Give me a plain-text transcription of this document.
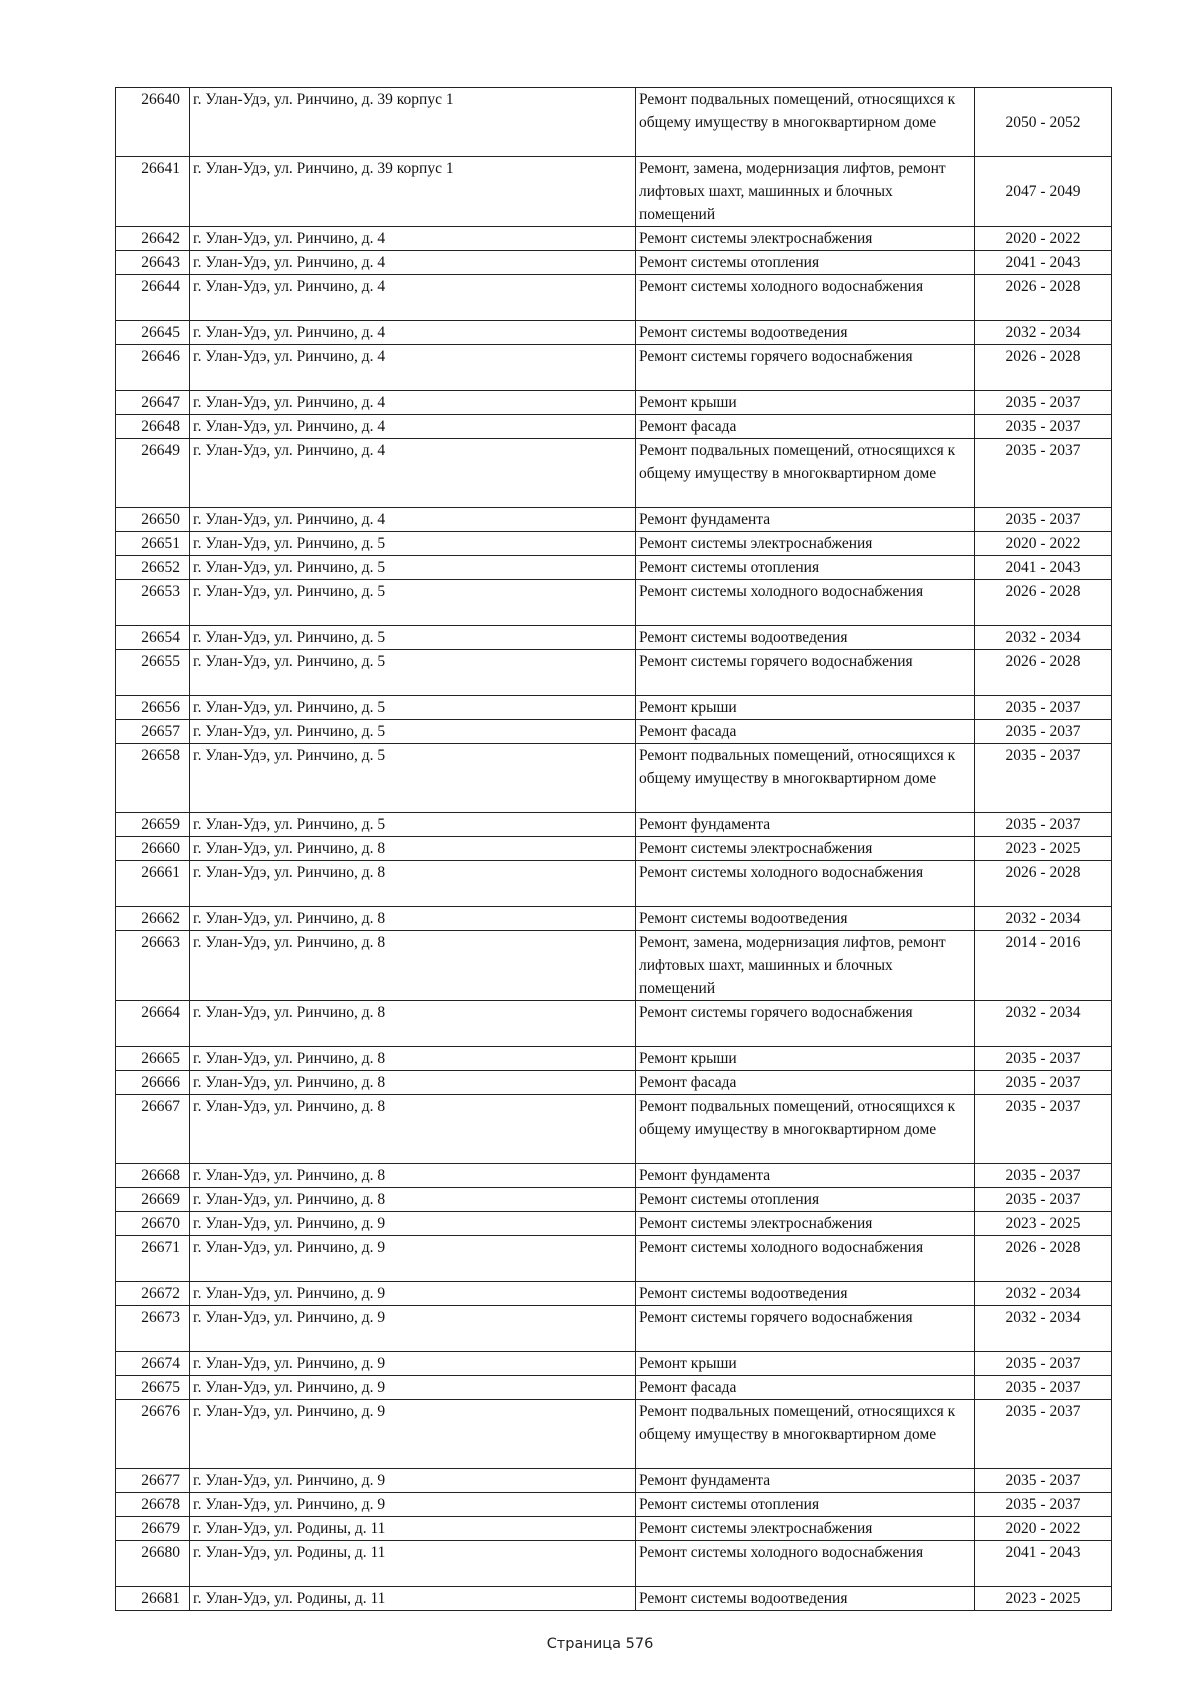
26640	г. Улан-Удэ, ул. Ринчино, д. 39 корпус 1	Ремонт подвальных помещений, относящихся к общему имуществу в многоквартирном доме	2050 - 2052
26641	г. Улан-Удэ, ул. Ринчино, д. 39 корпус 1	Ремонт, замена, модернизация лифтов, ремонт лифтовых шахт, машинных и блочных помещений	2047 - 2049
26642	г. Улан-Удэ, ул. Ринчино, д. 4	Ремонт системы электроснабжения	2020 - 2022
26643	г. Улан-Удэ, ул. Ринчино, д. 4	Ремонт системы отопления	2041 - 2043
26644	г. Улан-Удэ, ул. Ринчино, д. 4	Ремонт системы холодного водоснабжения	2026 - 2028
26645	г. Улан-Удэ, ул. Ринчино, д. 4	Ремонт системы водоотведения	2032 - 2034
26646	г. Улан-Удэ, ул. Ринчино, д. 4	Ремонт системы горячего водоснабжения	2026 - 2028
26647	г. Улан-Удэ, ул. Ринчино, д. 4	Ремонт крыши	2035 - 2037
26648	г. Улан-Удэ, ул. Ринчино, д. 4	Ремонт фасада	2035 - 2037
26649	г. Улан-Удэ, ул. Ринчино, д. 4	Ремонт подвальных помещений, относящихся к общему имуществу в многоквартирном доме	2035 - 2037
26650	г. Улан-Удэ, ул. Ринчино, д. 4	Ремонт фундамента	2035 - 2037
26651	г. Улан-Удэ, ул. Ринчино, д. 5	Ремонт системы электроснабжения	2020 - 2022
26652	г. Улан-Удэ, ул. Ринчино, д. 5	Ремонт системы отопления	2041 - 2043
26653	г. Улан-Удэ, ул. Ринчино, д. 5	Ремонт системы холодного водоснабжения	2026 - 2028
26654	г. Улан-Удэ, ул. Ринчино, д. 5	Ремонт системы водоотведения	2032 - 2034
26655	г. Улан-Удэ, ул. Ринчино, д. 5	Ремонт системы горячего водоснабжения	2026 - 2028
26656	г. Улан-Удэ, ул. Ринчино, д. 5	Ремонт крыши	2035 - 2037
26657	г. Улан-Удэ, ул. Ринчино, д. 5	Ремонт фасада	2035 - 2037
26658	г. Улан-Удэ, ул. Ринчино, д. 5	Ремонт подвальных помещений, относящихся к общему имуществу в многоквартирном доме	2035 - 2037
26659	г. Улан-Удэ, ул. Ринчино, д. 5	Ремонт фундамента	2035 - 2037
26660	г. Улан-Удэ, ул. Ринчино, д. 8	Ремонт системы электроснабжения	2023 - 2025
26661	г. Улан-Удэ, ул. Ринчино, д. 8	Ремонт системы холодного водоснабжения	2026 - 2028
26662	г. Улан-Удэ, ул. Ринчино, д. 8	Ремонт системы водоотведения	2032 - 2034
26663	г. Улан-Удэ, ул. Ринчино, д. 8	Ремонт, замена, модернизация лифтов, ремонт лифтовых шахт, машинных и блочных помещений	2014 - 2016
26664	г. Улан-Удэ, ул. Ринчино, д. 8	Ремонт системы горячего водоснабжения	2032 - 2034
26665	г. Улан-Удэ, ул. Ринчино, д. 8	Ремонт крыши	2035 - 2037
26666	г. Улан-Удэ, ул. Ринчино, д. 8	Ремонт фасада	2035 - 2037
26667	г. Улан-Удэ, ул. Ринчино, д. 8	Ремонт подвальных помещений, относящихся к общему имуществу в многоквартирном доме	2035 - 2037
26668	г. Улан-Удэ, ул. Ринчино, д. 8	Ремонт фундамента	2035 - 2037
26669	г. Улан-Удэ, ул. Ринчино, д. 8	Ремонт системы отопления	2035 - 2037
26670	г. Улан-Удэ, ул. Ринчино, д. 9	Ремонт системы электроснабжения	2023 - 2025
26671	г. Улан-Удэ, ул. Ринчино, д. 9	Ремонт системы холодного водоснабжения	2026 - 2028
26672	г. Улан-Удэ, ул. Ринчино, д. 9	Ремонт системы водоотведения	2032 - 2034
26673	г. Улан-Удэ, ул. Ринчино, д. 9	Ремонт системы горячего водоснабжения	2032 - 2034
26674	г. Улан-Удэ, ул. Ринчино, д. 9	Ремонт крыши	2035 - 2037
26675	г. Улан-Удэ, ул. Ринчино, д. 9	Ремонт фасада	2035 - 2037
26676	г. Улан-Удэ, ул. Ринчино, д. 9	Ремонт подвальных помещений, относящихся к общему имуществу в многоквартирном доме	2035 - 2037
26677	г. Улан-Удэ, ул. Ринчино, д. 9	Ремонт фундамента	2035 - 2037
26678	г. Улан-Удэ, ул. Ринчино, д. 9	Ремонт системы отопления	2035 - 2037
26679	г. Улан-Удэ, ул. Родины, д. 11	Ремонт системы электроснабжения	2020 - 2022
26680	г. Улан-Удэ, ул. Родины, д. 11	Ремонт системы холодного водоснабжения	2041 - 2043
26681	г. Улан-Удэ, ул. Родины, д. 11	Ремонт системы водоотведения	2023 - 2025
Страница 576
